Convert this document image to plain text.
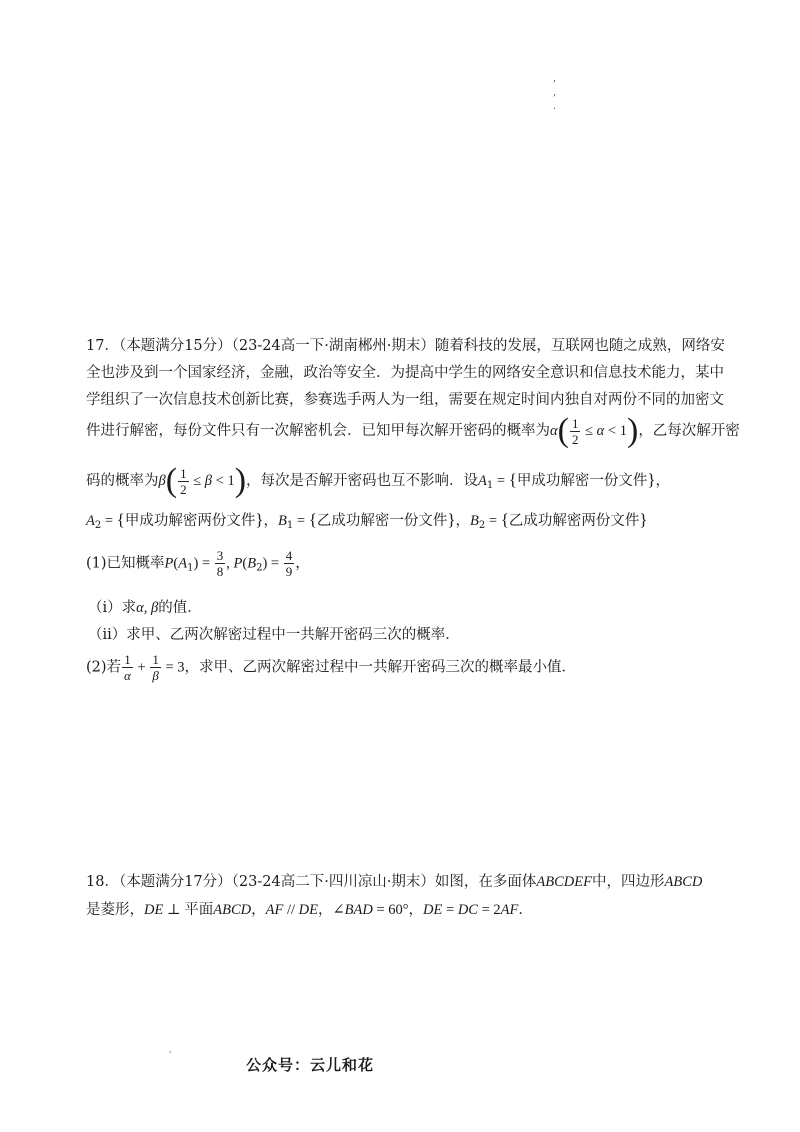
,
,
.
17．（本题满分15分）（23-24高一下·湖南郴州·期末）随着科技的发展，互联网也随之成熟，网络安
全也涉及到一个国家经济，金融，政治等安全．为提高中学生的网络安全意识和信息技术能力，某中
学组织了一次信息技术创新比赛，参赛选手两人为一组，需要在规定时间内独自对两份不同的加密文
件进行解密，每份文件只有一次解密机会．已知甲每次解开密码的概率为$\alpha( \frac{1}{2} \le \alpha < 1)$，乙每次解开密
码的概率为$\beta( \frac{1}{2} \le \beta < 1)$，每次是否解开密码也互不影响．设$A_1$ = {甲成功解密一份文件}，
$A_2$ = {甲成功解密两份文件}，$B_1$ = {乙成功解密一份文件}，$B_2$ = {乙成功解密两份文件}
(1)已知概率$P(A_1) = \frac{3}{8}$ , $P(B_2) = \frac{4}{9}$ ，
（i）求α, β的值．
（ii）求甲、乙两次解密过程中一共解开密码三次的概率．
(2)若 $\frac{1}{\alpha} + \frac{1}{\beta} = 3$，求甲、乙两次解密过程中一共解开密码三次的概率最小值．
18．（本题满分17分）（23-24高二下·四川凉山·期末）如图，在多面体ABCDEF中，四边形ABCD
是菱形，DE ⊥ 平面ABCD，AF // DE，∠BAD = 60°，DE = DC = 2AF．
'
公众号：云儿和花
